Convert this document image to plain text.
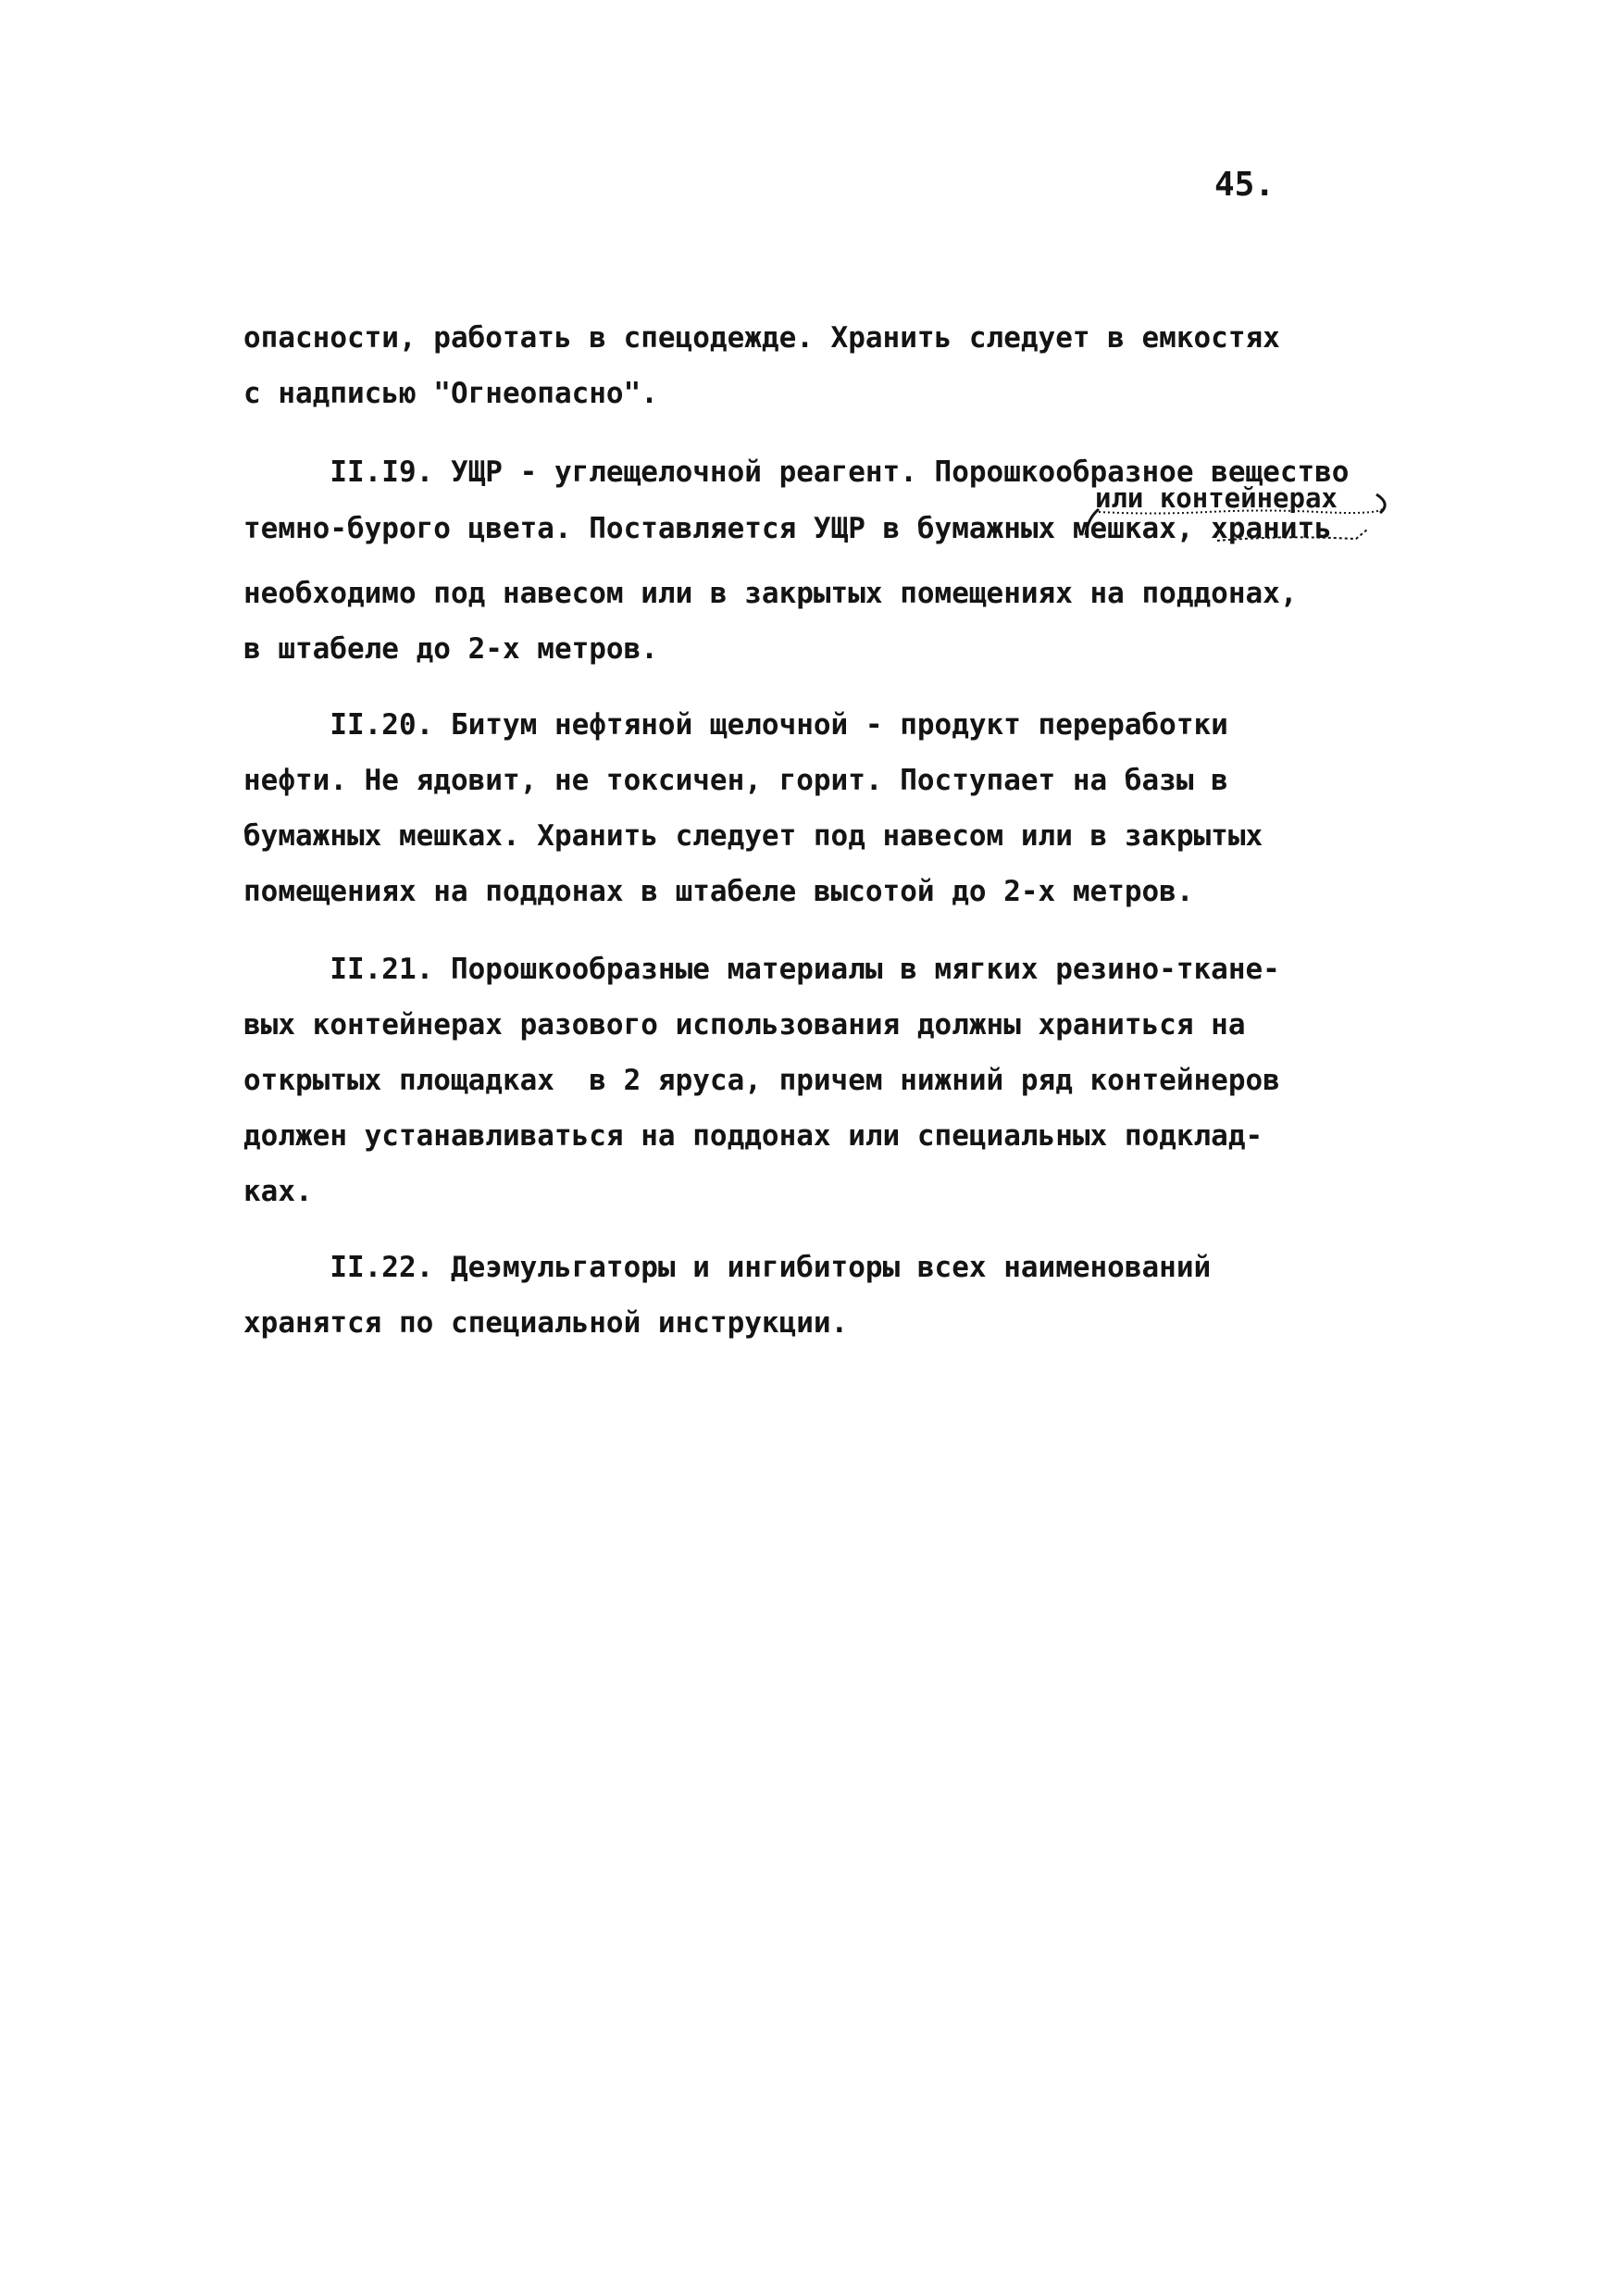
45.
опасности, работать в спецодежде. Хранить следует в емкостях
с надписью "Огнеопасно".
II.I9. УЩР - углещелочной реагент. Порошкообразное вещество
или контейнерах
темно-бурого цвета. Поставляется УЩР в бумажных мешках, хранить
необходимо под навесом или в закрытых помещениях на поддонах,
в штабеле до 2-х метров.
II.20. Битум нефтяной щелочной - продукт переработки
нефти. Не ядовит, не токсичен, горит. Поступает на базы в
бумажных мешках. Хранить следует под навесом или в закрытых
помещениях на поддонах в штабеле высотой до 2-х метров.
II.21. Порошкообразные материалы в мягких резино-ткане-
вых контейнерах разового использования должны храниться на
открытых площадках  в 2 яруса, причем нижний ряд контейнеров
должен устанавливаться на поддонах или специальных подклад-
ках.
II.22. Деэмульгаторы и ингибиторы всех наименований
хранятся по специальной инструкции.
